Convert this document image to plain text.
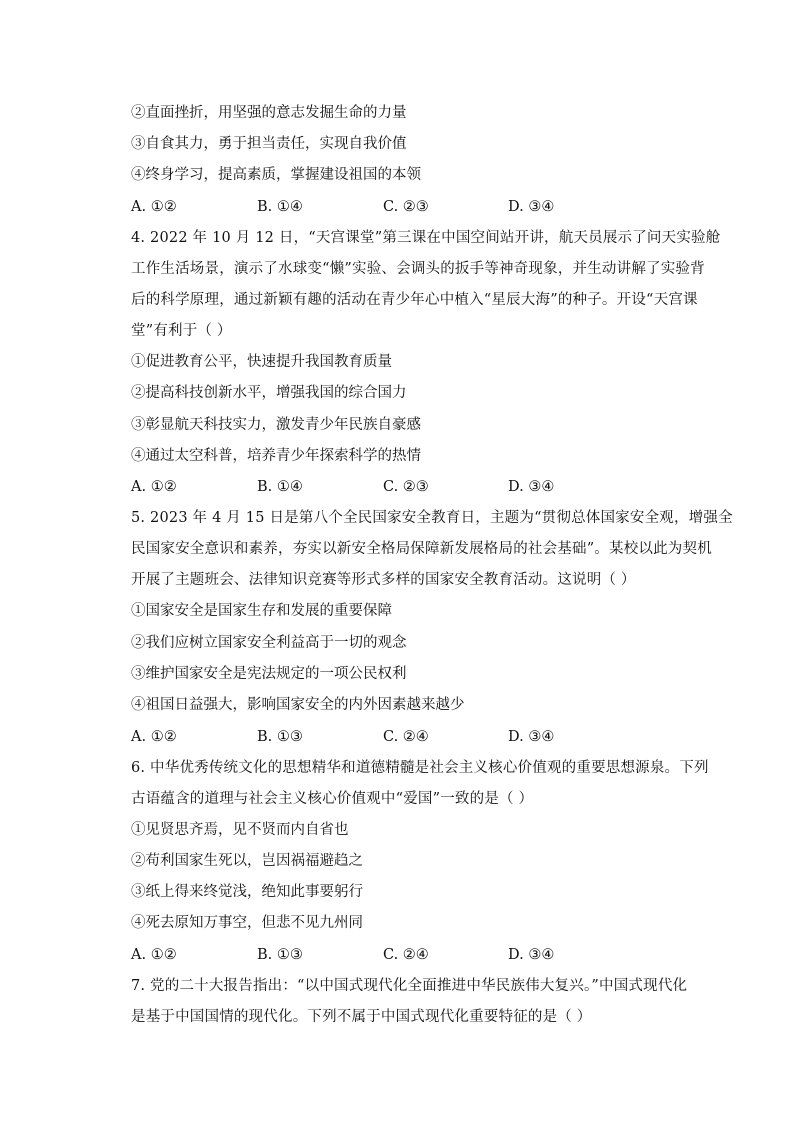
②直面挫折，用坚强的意志发掘生命的力量
③自食其力，勇于担当责任，实现自我价值
④终身学习，提高素质，掌握建设祖国的本领
A. ①②	B. ①④	C. ②③	D. ③④
4. 2022 年 10 月 12 日，“天宫课堂”第三课在中国空间站开讲，航天员展示了问天实验舱
工作生活场景，演示了水球变“懒”实验、会调头的扳手等神奇现象，并生动讲解了实验背
后的科学原理，通过新颖有趣的活动在青少年心中植入“星辰大海”的种子。开设“天宫课
堂”有利于（ ）
①促进教育公平，快速提升我国教育质量
②提高科技创新水平，增强我国的综合国力
③彰显航天科技实力，激发青少年民族自豪感
④通过太空科普，培养青少年探索科学的热情
A. ①②	B. ①④	C. ②③	D. ③④
5. 2023 年 4 月 15 日是第八个全民国家安全教育日，主题为“贯彻总体国家安全观，增强全
民国家安全意识和素养，夯实以新安全格局保障新发展格局的社会基础”。某校以此为契机
开展了主题班会、法律知识竞赛等形式多样的国家安全教育活动。这说明（ ）
①国家安全是国家生存和发展的重要保障
②我们应树立国家安全利益高于一切的观念
③维护国家安全是宪法规定的一项公民权利
④祖国日益强大，影响国家安全的内外因素越来越少
A. ①②	B. ①③	C. ②④	D. ③④
6. 中华优秀传统文化的思想精华和道德精髓是社会主义核心价值观的重要思想源泉。下列
古语蕴含的道理与社会主义核心价值观中“爱国”一致的是（ ）
①见贤思齐焉，见不贤而内自省也
②苟利国家生死以，岂因祸福避趋之
③纸上得来终觉浅，绝知此事要躬行
④死去原知万事空，但悲不见九州同
A. ①②	B. ①③	C. ②④	D. ③④
7. 党的二十大报告指出：“以中国式现代化全面推进中华民族伟大复兴。”中国式现代化
是基于中国国情的现代化。下列不属于中国式现代化重要特征的是（ ）
